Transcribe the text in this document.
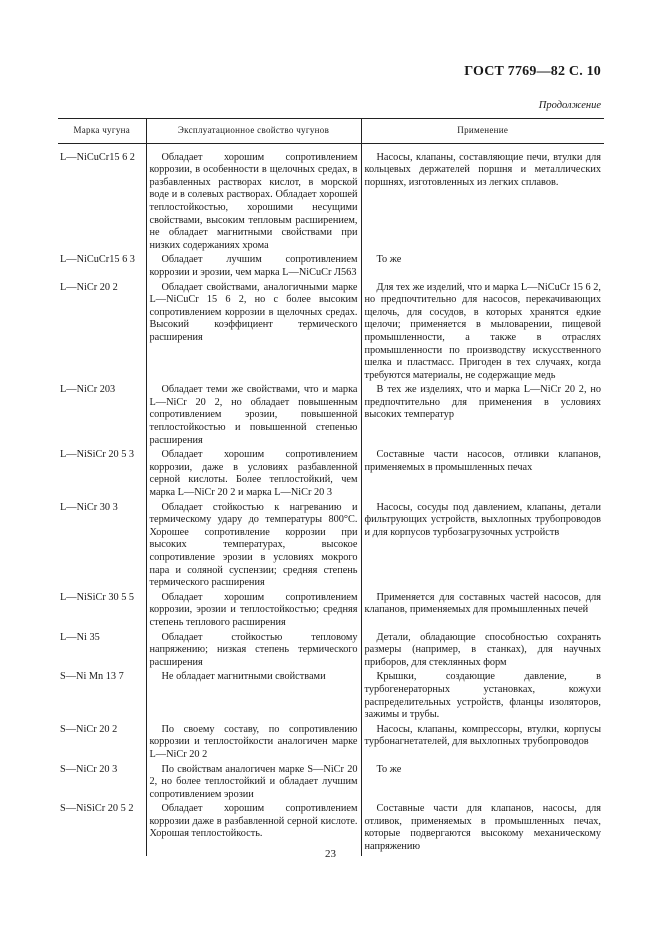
ГОСТ 7769—82 С. 10
Продолжение
Марка чугуна	Эксплуатационное свойство чугунов	Применение
L—NiCuCr15 6 2	Обладает хорошим сопротивлением коррозии, в особенности в щелочных средах, в разбавленных растворах кислот, в морской воде и в солевых растворах. Обладает хорошей теплостойкостью, хорошими несущими свойствами, высоким тепловым расширением, не обладает магнитными свойствами при низких содержаниях хрома	Насосы, клапаны, составляющие печи, втулки для кольцевых держателей поршня и металлических поршнях, изготовленных из легких сплавов.
L—NiCuCr15 6 3	Обладает лучшим сопротивлением коррозии и эрозии, чем марка L—NiCuCr Л563	То же
L—NiCr 20 2	Обладает свойствами, аналогичными марке L—NiCuCr 15 6 2, но с более высоким сопротивлением коррозии в щелочных средах. Высокий коэффициент термического расширения	Для тех же изделий, что и марка L—NiCuCr 15 6 2, но предпочтительно для насосов, перекачивающих щелочь, для сосудов, в которых хранятся едкие щелочи; применяется в мыловарении, пищевой промышленности, а также в отраслях промышленности по производству искусственного шелка и пластмасс. Пригоден в тех случаях, когда требуются материалы, не содержащие медь
L—NiCr 203	Обладает теми же свойствами, что и марка L—NiCr 20 2, но обладает повышенным сопротивлением эрозии, повышенной теплостойкостью и повышенной степенью расширения	В тех же изделиях, что и марка L—NiCr 20 2, но предпочтительно для применения в условиях высоких температур
L—NiSiCr 20 5 3	Обладает хорошим сопротивлением коррозии, даже в условиях разбавленной серной кислоты. Более теплостойкий, чем марка L—NiCr 20 2 и марка L—NiCr 20 3	Составные части насосов, отливки клапанов, применяемых в промышленных печах
L—NiCr 30 3	Обладает стойкостью к нагреванию и термическому удару до температуры 800°С. Хорошее сопротивление коррозии при высоких температурах, высокое сопротивление эрозии в условиях мокрого пара и соляной суспензии; средняя степень термического расширения	Насосы, сосуды под давлением, клапаны, детали фильтрующих устройств, выхлопных трубопроводов и для корпусов турбозагрузочных устройств
L—NiSiCr 30 5 5	Обладает хорошим сопротивлением коррозии, эрозии и теплостойкостью; средняя степень теплового расширения	Применяется для составных частей насосов, для клапанов, применяемых для промышленных печей
L—Ni 35	Обладает стойкостью тепловому напряжению; низкая степень термического расширения	Детали, обладающие способностью сохранять размеры (например, в станках), для научных приборов, для стеклянных форм
S—Ni Mn 13 7	Не обладает магнитными свойствами	Крышки, создающие давление, в турбогенераторных установках, кожухи распределительных устройств, фланцы изоляторов, зажимы и трубы.
S—NiCr 20 2	По своему составу, по сопротивлению коррозии и теплостойкости аналогичен марке L—NiCr 20 2	Насосы, клапаны, компрессоры, втулки, корпусы турбонагнетателей, для выхлопных трубопроводов
S—NiCr 20 3	По свойствам аналогичен марке S—NiCr 20 2, но более теплостойкий и обладает лучшим сопротивлением эрозии	То же
S—NiSiCr 20 5 2	Обладает хорошим сопротивлением коррозии даже в разбавленной серной кислоте. Хорошая теплостойкость.	Составные части для клапанов, насосы, для отливок, применяемых в промышленных печах, которые подвергаются высокому механическому напряжению
23
